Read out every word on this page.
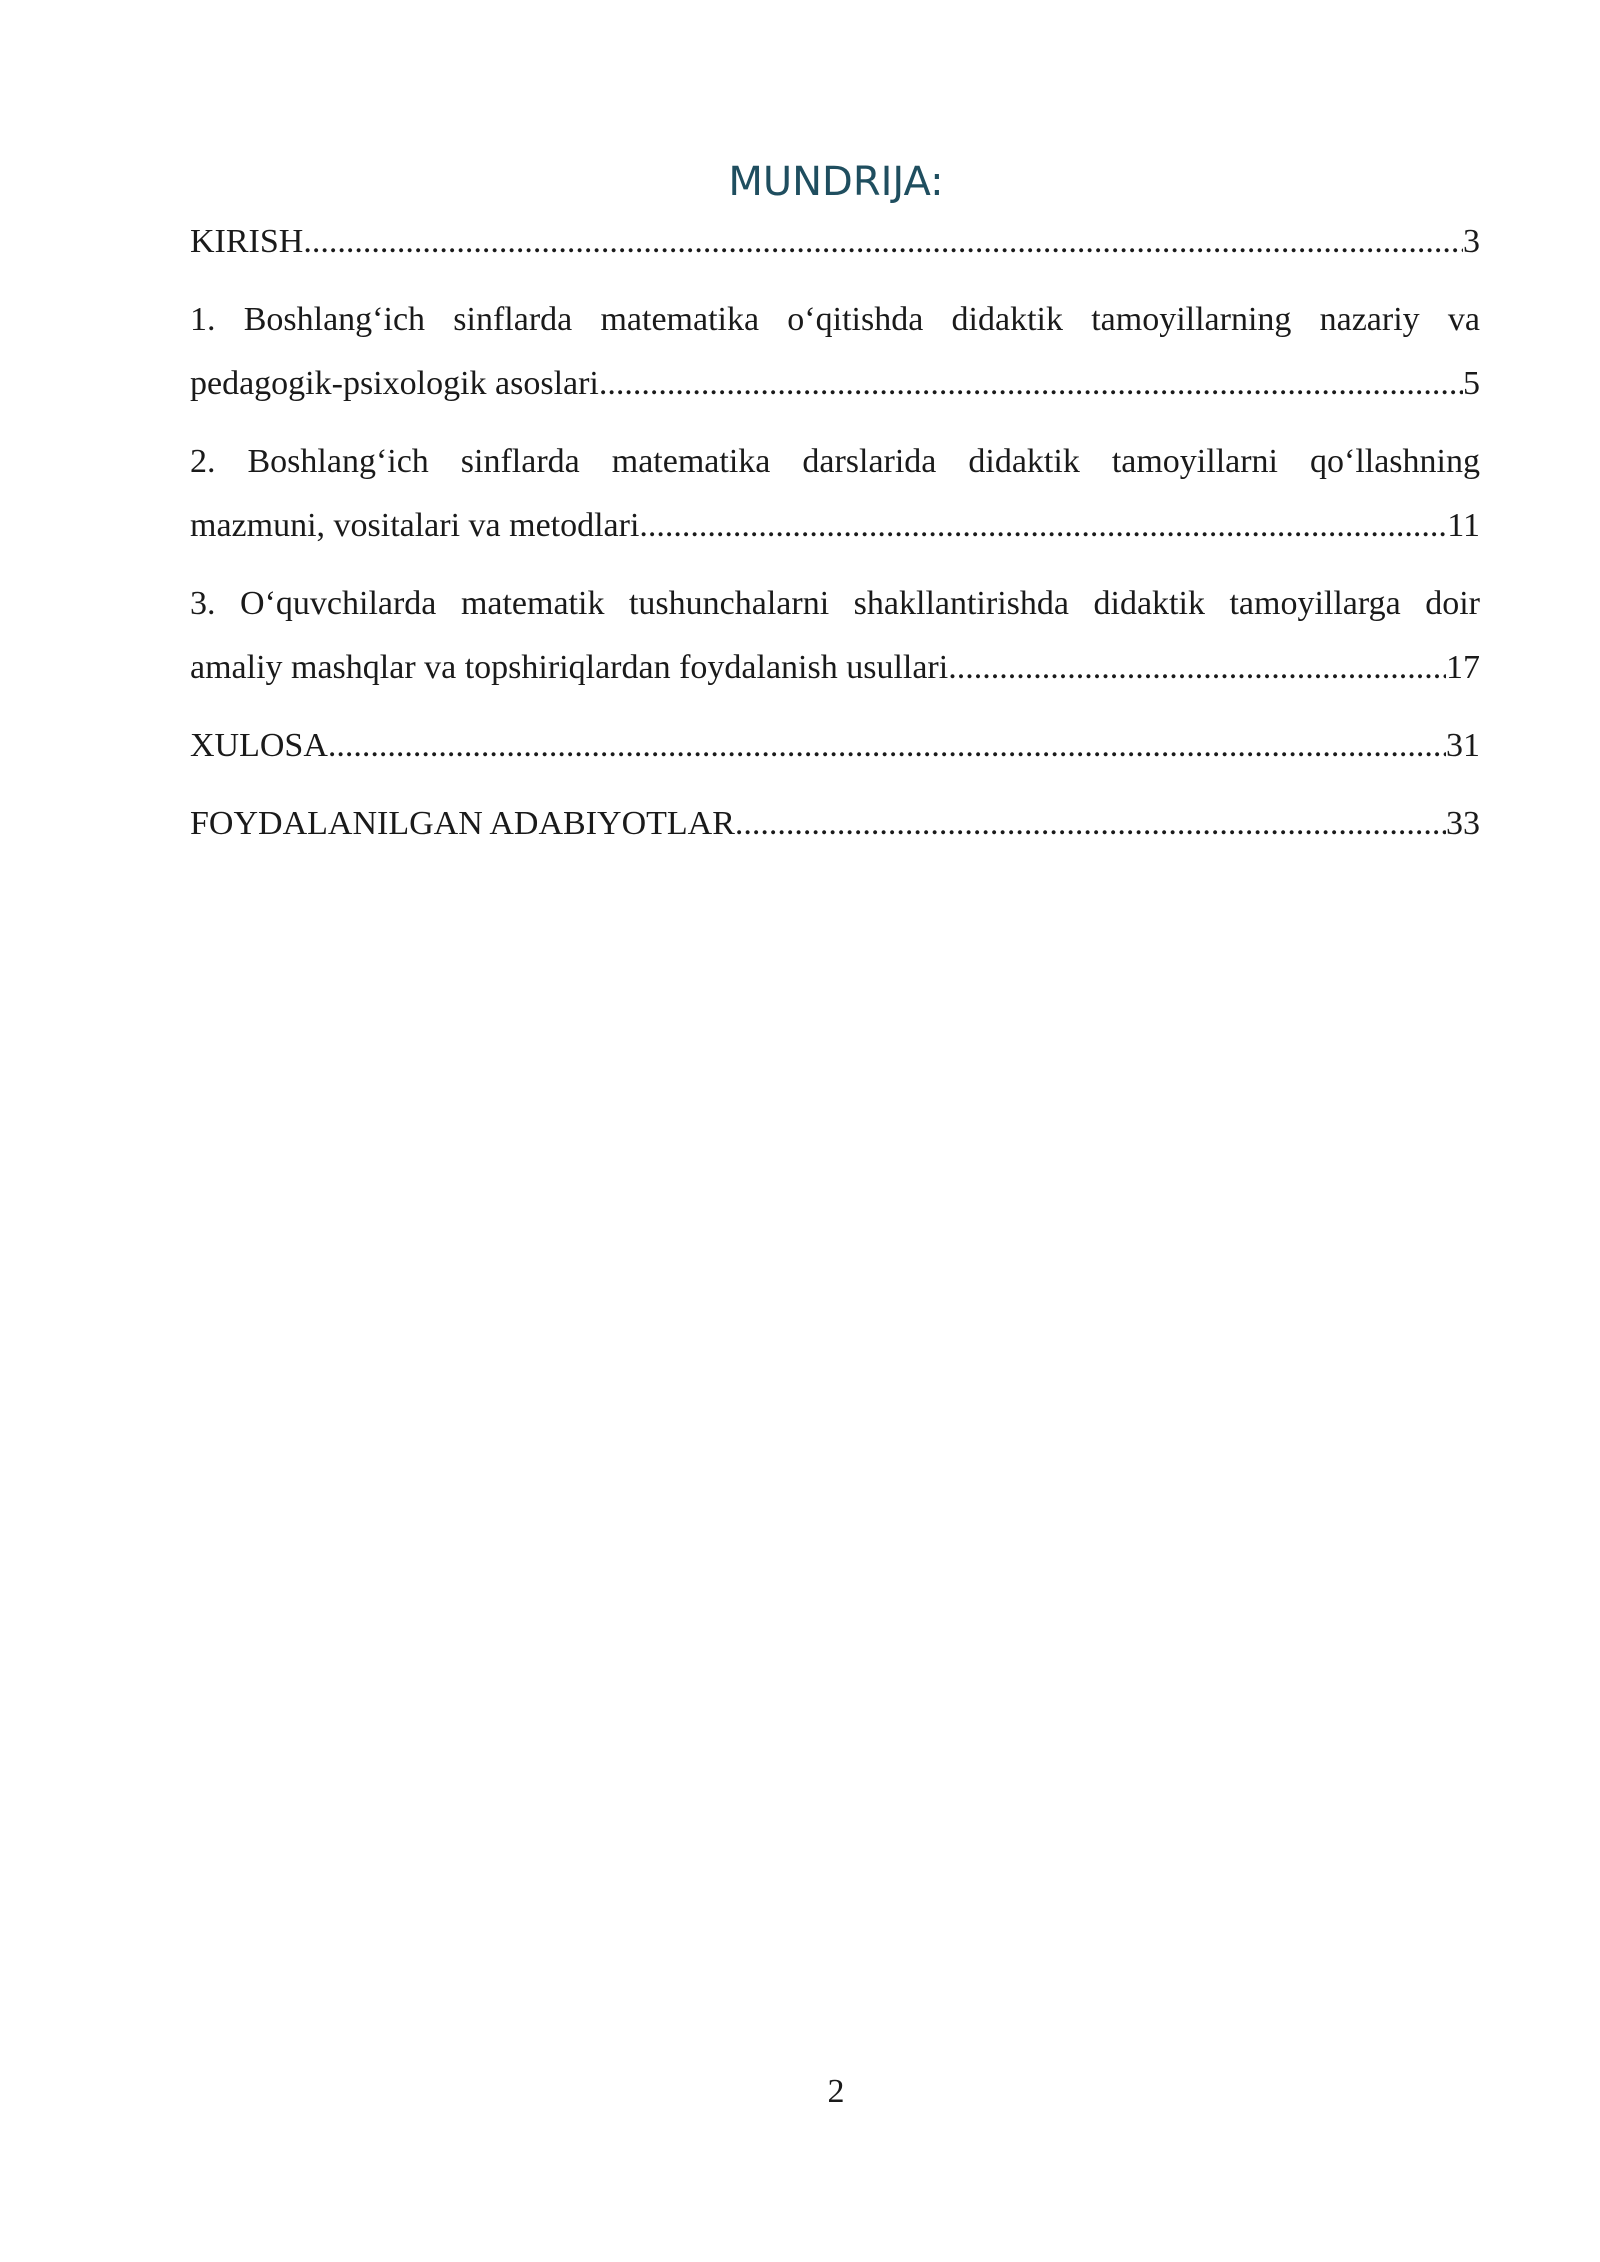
MUNDRIJA:
KIRISH .....	3
1. Boshlang‘ich sinflarda matematika o‘qitishda didaktik tamoyillarning nazariy va
pedagogik-psixologik asoslari .....	5
2. Boshlang‘ich sinflarda matematika darslarida didaktik tamoyillarni qo‘llashning
mazmuni, vositalari va metodlari .....	11
3. O‘quvchilarda matematik tushunchalarni shakllantirishda didaktik tamoyillarga doir
amaliy mashqlar va topshiriqlardan foydalanish usullari .....	17
XULOSA .....	31
FOYDALANILGAN ADABIYOTLAR .....	33
2
